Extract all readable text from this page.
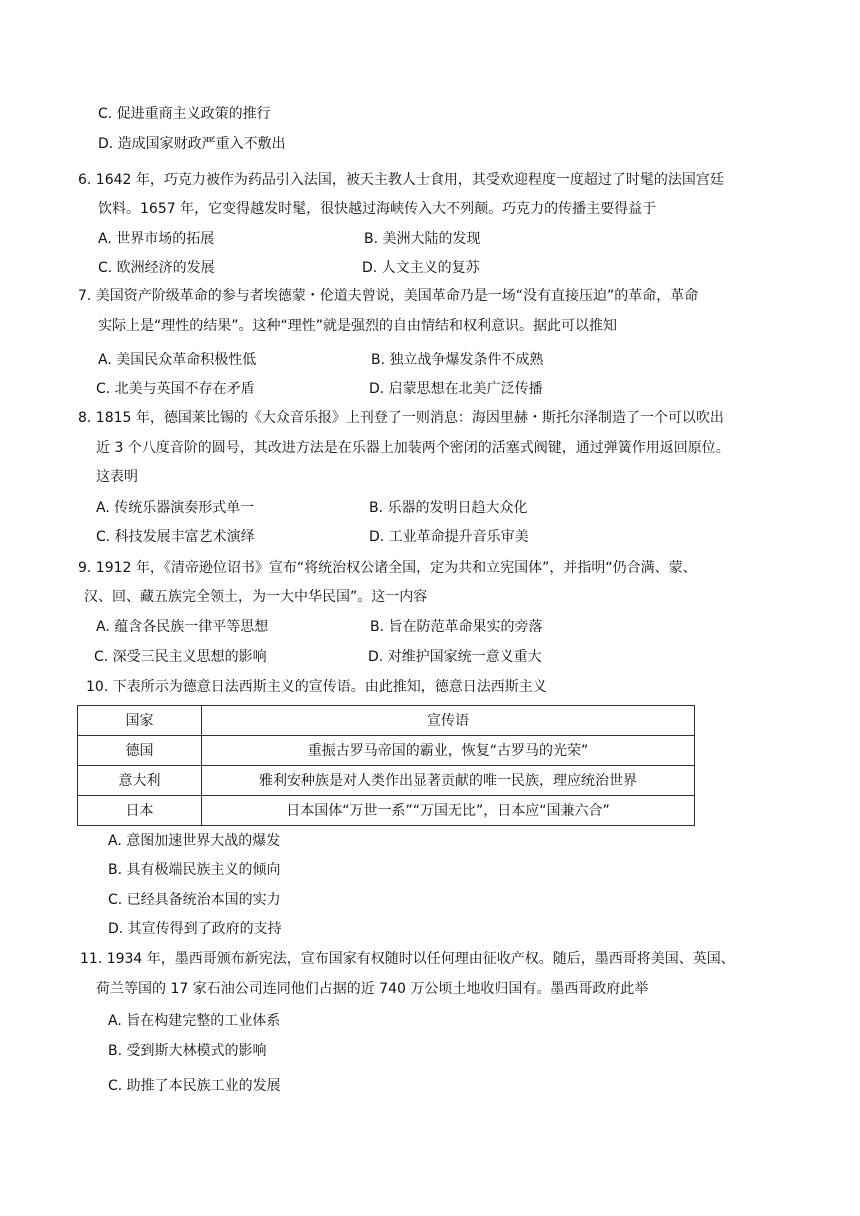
C. 促进重商主义政策的推行
D. 造成国家财政严重入不敷出
6. 1642 年，巧克力被作为药品引入法国，被天主教人士食用，其受欢迎程度一度超过了时髦的法国宫廷
饮料。1657 年，它变得越发时髦，很快越过海峡传入大不列颠。巧克力的传播主要得益于
A. 世界市场的拓展	B. 美洲大陆的发现
C. 欧洲经济的发展	D. 人文主义的复苏
7. 美国资产阶级革命的参与者埃德蒙・伦道夫曾说，美国革命乃是一场“没有直接压迫”的革命，革命
实际上是“理性的结果”。这种“理性”就是强烈的自由情结和权利意识。据此可以推知
A. 美国民众革命积极性低	B. 独立战争爆发条件不成熟
C. 北美与英国不存在矛盾	D. 启蒙思想在北美广泛传播
8. 1815 年，德国莱比锡的《大众音乐报》上刊登了一则消息：海因里赫・斯托尔泽制造了一个可以吹出
近 3 个八度音阶的圆号，其改进方法是在乐器上加装两个密闭的活塞式阀键，通过弹簧作用返回原位。
这表明
A. 传统乐器演奏形式单一	B. 乐器的发明日趋大众化
C. 科技发展丰富艺术演绎	D. 工业革命提升音乐审美
9. 1912 年，《清帝逊位诏书》宣布“将统治权公诸全国，定为共和立宪国体”，并指明“仍合满、蒙、
汉、回、藏五族完全领土，为一大中华民国”。这一内容
A. 蕴含各民族一律平等思想	B. 旨在防范革命果实的旁落
C. 深受三民主义思想的影响	D. 对维护国家统一意义重大
10. 下表所示为德意日法西斯主义的宣传语。由此推知，德意日法西斯主义
国家	宣传语
德国	重振古罗马帝国的霸业，恢复“古罗马的光荣”
意大利	雅利安种族是对人类作出显著贡献的唯一民族，理应统治世界
日本	日本国体“万世一系”“万国无比”，日本应“国兼六合”
A. 意图加速世界大战的爆发
B. 具有极端民族主义的倾向
C. 已经具备统治本国的实力
D. 其宣传得到了政府的支持
11. 1934 年，墨西哥颁布新宪法，宣布国家有权随时以任何理由征收产权。随后，墨西哥将美国、英国、
荷兰等国的 17 家石油公司连同他们占据的近 740 万公顷土地收归国有。墨西哥政府此举
A. 旨在构建完整的工业体系
B. 受到斯大林模式的影响
C. 助推了本民族工业的发展
